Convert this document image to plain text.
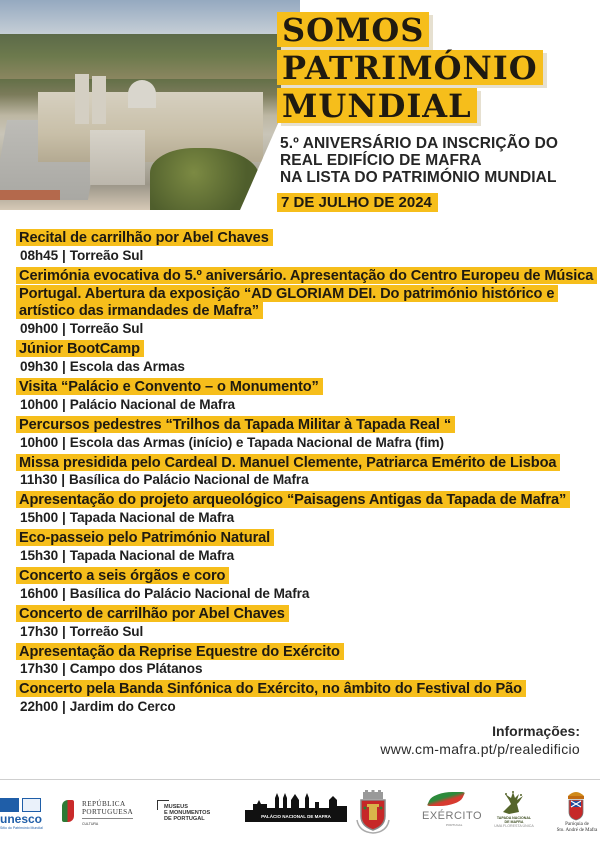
SOMOS
PATRIMÓNIO
MUNDIAL
5.º ANIVERSÁRIO DA INSCRIÇÃO DO
REAL EDIFÍCIO DE MAFRA
NA LISTA DO PATRIMÓNIO MUNDIAL
7 DE JULHO DE 2024
Recital de carrilhão por Abel Chaves
08h45 | Torreão Sul
Cerimónia evocativa do 5.º aniversário. Apresentação do Centro Europeu de Música Portugal. Abertura da exposição “AD GLORIAM DEI. Do património histórico e artístico das irmandades de Mafra”
09h00 | Torreão Sul
Júnior BootCamp
09h30 | Escola das Armas
Visita “Palácio e Convento – o Monumento”
10h00 | Palácio Nacional de Mafra
Percursos pedestres “Trilhos da Tapada Militar à Tapada Real “
10h00 | Escola das Armas (início) e Tapada Nacional de Mafra (fim)
Missa presidida pelo Cardeal D. Manuel Clemente, Patriarca Emérito de Lisboa
11h30 | Basílica do Palácio Nacional de Mafra
Apresentação do projeto arqueológico “Paisagens Antigas da Tapada de Mafra”
15h00 | Tapada Nacional de Mafra
Eco-passeio pelo Património Natural
15h30 | Tapada Nacional de Mafra
Concerto a seis órgãos e coro
16h00 | Basílica do Palácio Nacional de Mafra
Concerto de carrilhão por Abel Chaves
17h30 | Torreão Sul
Apresentação da Reprise Equestre do Exército
17h30 | Campo dos Plátanos
Concerto pela Banda Sinfónica do Exército, no âmbito do Festival do Pão
22h00 | Jardim do Cerco
Informações:
www.cm-mafra.pt/p/realedificio
unesco
Sítio do Património Mundial
REPÚBLICA
PORTUGUESA
CULTURA
MUSEUS
E MONUMENTOS
DE PORTUGAL	PALÁCIO NACIONAL DE MAFRA	EXÉRCITO
PORTUGAL
TAPADA NACIONAL
DE MAFRA
UMA FLORESTA ÚNICA	Paróquia de
Sto. André de Mafra
